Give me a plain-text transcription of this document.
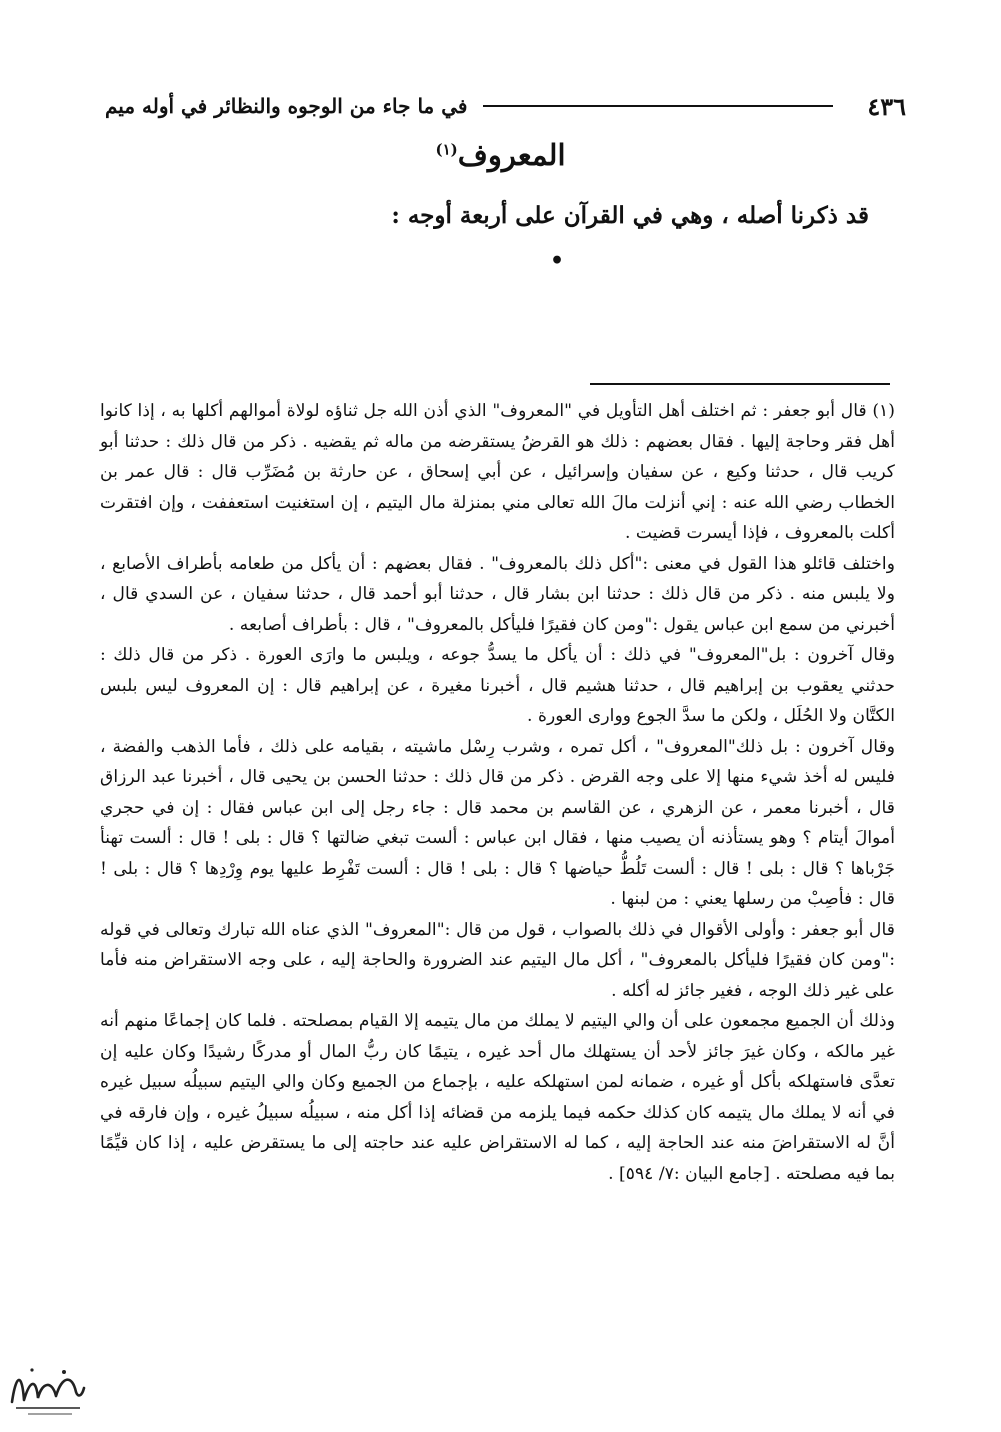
٤٣٦
في ما جاء من الوجوه والنظائر في أوله ميم
المعروف$^{(١)}$
قد ذكرنا أصله ، وهي في القرآن على أربعة أوجه :
•

(١) قال أبو جعفر : ثم اختلف أهل التأويل في "المعروف" الذي أذن الله جل ثناؤه لولاة أموالهم أكلها به ، إذا كانوا أهل فقر وحاجة إليها . فقال بعضهم : ذلك هو القرضُ يستقرضه من ماله ثم يقضيه . ذكر من قال ذلك : حدثنا أبو كريب قال ، حدثنا وكيع ، عن سفيان وإسرائيل ، عن أبي إسحاق ، عن حارثة بن مُضَرِّب قال : قال عمر بن الخطاب رضي الله عنه : إني أنزلت مالَ الله تعالى مني بمنزلة مال اليتيم ، إن استغنيت استعففت ، وإن افتقرت أكلت بالمعروف ، فإذا أيسرت قضيت .

واختلف قائلو هذا القول في معنى :"أكل ذلك بالمعروف" . فقال بعضهم : أن يأكل من طعامه بأطراف الأصابع ، ولا يلبس منه . ذكر من قال ذلك : حدثنا ابن بشار قال ، حدثنا أبو أحمد قال ، حدثنا سفيان ، عن السدي قال ، أخبرني من سمع ابن عباس يقول :"ومن كان فقيرًا فليأكل بالمعروف" ، قال : بأطراف أصابعه .

وقال آخرون : بل"المعروف" في ذلك : أن يأكل ما يسدُّ جوعه ، ويلبس ما وارَى العورة . ذكر من قال ذلك : حدثني يعقوب بن إبراهيم قال ، حدثنا هشيم قال ، أخبرنا مغيرة ، عن إبراهيم قال : إن المعروف ليس بلبس الكتَّان ولا الحُلَل ، ولكن ما سدَّ الجوع ووارى العورة .

وقال آخرون : بل ذلك"المعروف" ، أكل تمره ، وشرب رِسْل ماشيته ، بقيامه على ذلك ، فأما الذهب والفضة ، فليس له أخذ شيء منها إلا على وجه القرض . ذكر من قال ذلك : حدثنا الحسن بن يحيى قال ، أخبرنا عبد الرزاق قال ، أخبرنا معمر ، عن الزهري ، عن القاسم بن محمد قال : جاء رجل إلى ابن عباس فقال : إن في حجري أموالَ أيتام ؟ وهو يستأذنه أن يصيب منها ، فقال ابن عباس : ألست تبغي ضالتها ؟ قال : بلى ! قال : ألست تهنأ جَرْباها ؟ قال : بلى ! قال : ألست تَلُطُّ حياضها ؟ قال : بلى ! قال : ألست تَفْرِط عليها يوم وِرْدِها ؟ قال : بلى ! قال : فأصِبْ من رسلها يعني : من لبنها .

قال أبو جعفر : وأولى الأقوال في ذلك بالصواب ، قول من قال :"المعروف" الذي عناه الله تبارك وتعالى في قوله :"ومن كان فقيرًا فليأكل بالمعروف" ، أكل مال اليتيم عند الضرورة والحاجة إليه ، على وجه الاستقراض منه فأما على غير ذلك الوجه ، فغير جائز له أكله .

وذلك أن الجميع مجمعون على أن والي اليتيم لا يملك من مال يتيمه إلا القيام بمصلحته . فلما كان إجماعًا منهم أنه غير مالكه ، وكان غيرَ جائز لأحد أن يستهلك مال أحد غيره ، يتيمًا كان ربُّ المال أو مدركًا رشيدًا وكان عليه إن تعدَّى فاستهلكه بأكل أو غيره ، ضمانه لمن استهلكه عليه ، بإجماع من الجميع وكان والي اليتيم سبيلُه سبيل غيره في أنه لا يملك مال يتيمه كان كذلك حكمه فيما يلزمه من قضائه إذا أكل منه ، سبيلُه سبيلُ غيره ، وإن فارقه في أنَّ له الاستقراضَ منه عند الحاجة إليه ، كما له الاستقراض عليه عند حاجته إلى ما يستقرض عليه ، إذا كان قيِّمًا بما فيه مصلحته . [جامع البيان :٧/ ٥٩٤] .
